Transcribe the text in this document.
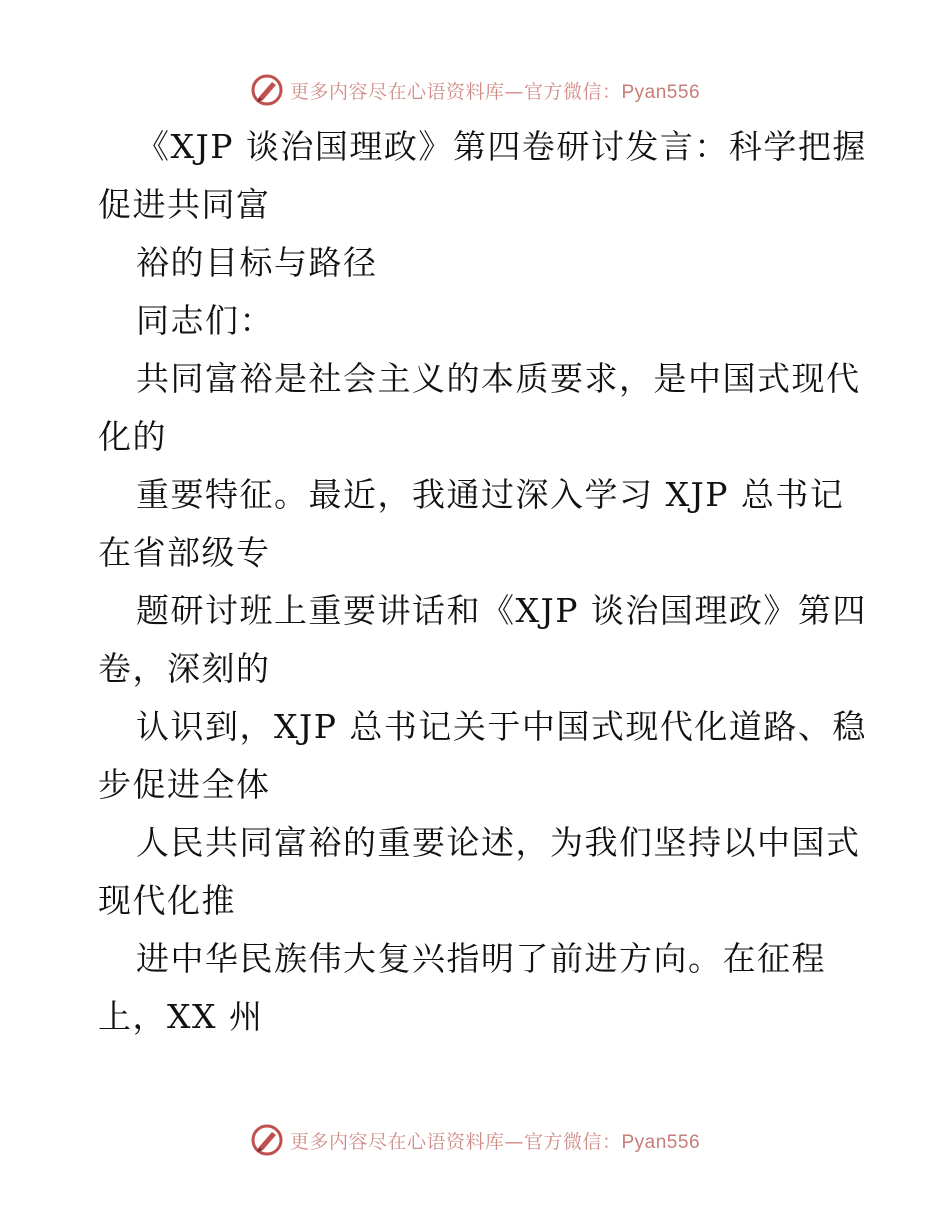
更多内容尽在心语资料库—官方微信：Pyan556
《XJP 谈治国理政》第四卷研讨发言：科学把握
促进共同富
裕的目标与路径
同志们：
共同富裕是社会主义的本质要求，是中国式现代
化的
重要特征。最近，我通过深入学习 XJP 总书记
在省部级专
题研讨班上重要讲话和《XJP 谈治国理政》第四
卷，深刻的
认识到，XJP 总书记关于中国式现代化道路、稳
步促进全体
人民共同富裕的重要论述，为我们坚持以中国式
现代化推
进中华民族伟大复兴指明了前进方向。在征程
上，XX 州
更多内容尽在心语资料库—官方微信：Pyan556
